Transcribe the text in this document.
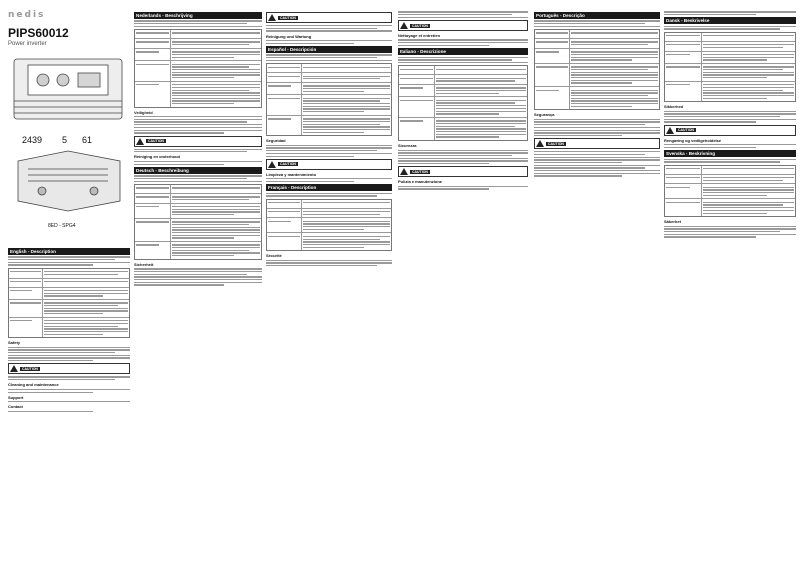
nedis
PIPS60012
Power inverter
2439 5 61
8ED - SPG4
English - Description
Safety
CAUTION
Cleaning and maintenance
Support
Contact
Nederlands - Beschrijving
Veiligheid
CAUTION
Reiniging en onderhoud
Deutsch - Beschreibung
Sicherheit
CAUTION
Reinigung und Wartung
Español - Descripción
Seguridad
CAUTION
Limpieza y mantenimiento
Français - Description
Sécurité
CAUTION
Nettoyage et entretien
Italiano - Descrizione
Sicurezza
CAUTION
Pulizia e manutenzione
Português - Descrição
Segurança
CAUTION
Dansk - Beskrivelse
Sikkerhed
CAUTION
Rengøring og vedligeholdelse
Svenska - Beskrivning
Säkerhet
